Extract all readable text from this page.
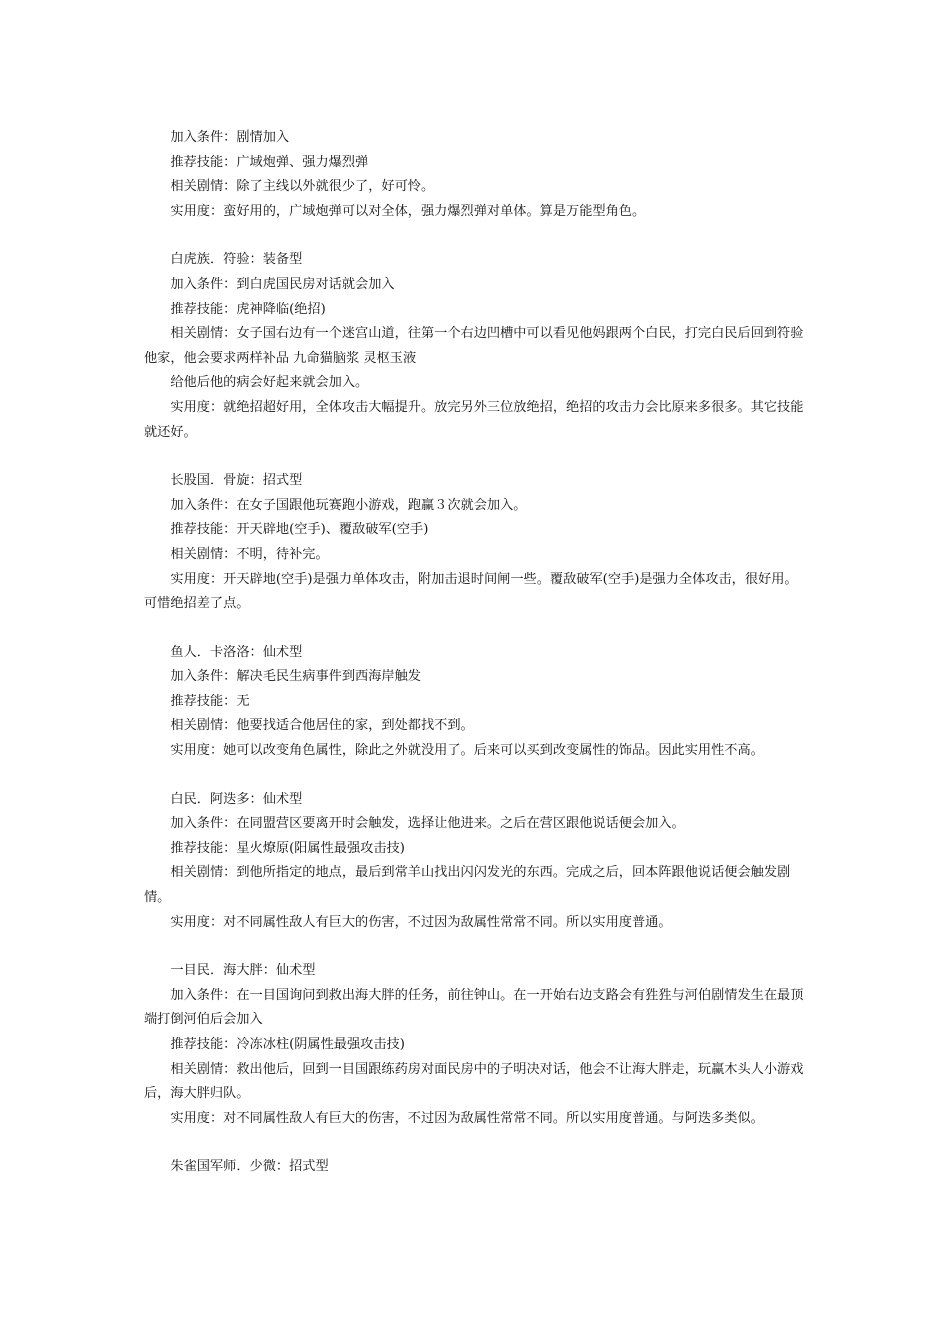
加入条件：剧情加入
推荐技能：广域炮弹、强力爆烈弹
相关剧情：除了主线以外就很少了，好可怜。
实用度：蛮好用的，广域炮弹可以对全体，强力爆烈弹对单体。算是万能型角色。
白虎族．符验：装备型
加入条件：到白虎国民房对话就会加入
推荐技能：虎神降临(绝招)
相关剧情：女子国右边有一个迷宫山道，往第一个右边凹槽中可以看见他妈跟两个白民，打完白民后回到符验他家，他会要求两样补品 九命猫脑浆 灵枢玉液
给他后他的病会好起来就会加入。
实用度：就绝招超好用，全体攻击大幅提升。放完另外三位放绝招，绝招的攻击力会比原来多很多。其它技能就还好。
长股国．骨旋：招式型
加入条件：在女子国跟他玩赛跑小游戏，跑赢３次就会加入。
推荐技能：开天辟地(空手)、覆敌破军(空手)
相关剧情：不明，待补完。
实用度：开天辟地(空手)是强力单体攻击，附加击退时间闸一些。覆敌破军(空手)是强力全体攻击，很好用。可惜绝招差了点。
鱼人．卡洛洛：仙术型
加入条件：解决毛民生病事件到西海岸触发
推荐技能：无
相关剧情：他要找适合他居住的家，到处都找不到。
实用度：她可以改变角色属性，除此之外就没用了。后来可以买到改变属性的饰品。因此实用性不高。
白民．阿迭多：仙术型
加入条件：在同盟营区要离开时会触发，选择让他进来。之后在营区跟他说话便会加入。
推荐技能：星火燎原(阳属性最强攻击技)
相关剧情：到他所指定的地点，最后到常羊山找出闪闪发光的东西。完成之后，回本阵跟他说话便会触发剧情。
实用度：对不同属性敌人有巨大的伤害，不过因为敌属性常常不同。所以实用度普通。
一目民．海大胖：仙术型
加入条件：在一目国询问到救出海大胖的任务，前往钟山。在一开始右边支路会有狌狌与河伯剧情发生在最顶端打倒河伯后会加入
推荐技能：冷冻冰柱(阴属性最强攻击技)
相关剧情：救出他后，回到一目国跟练药房对面民房中的子明决对话，他会不让海大胖走，玩赢木头人小游戏后，海大胖归队。
实用度：对不同属性敌人有巨大的伤害，不过因为敌属性常常不同。所以实用度普通。与阿迭多类似。
朱雀国军师．少微：招式型
